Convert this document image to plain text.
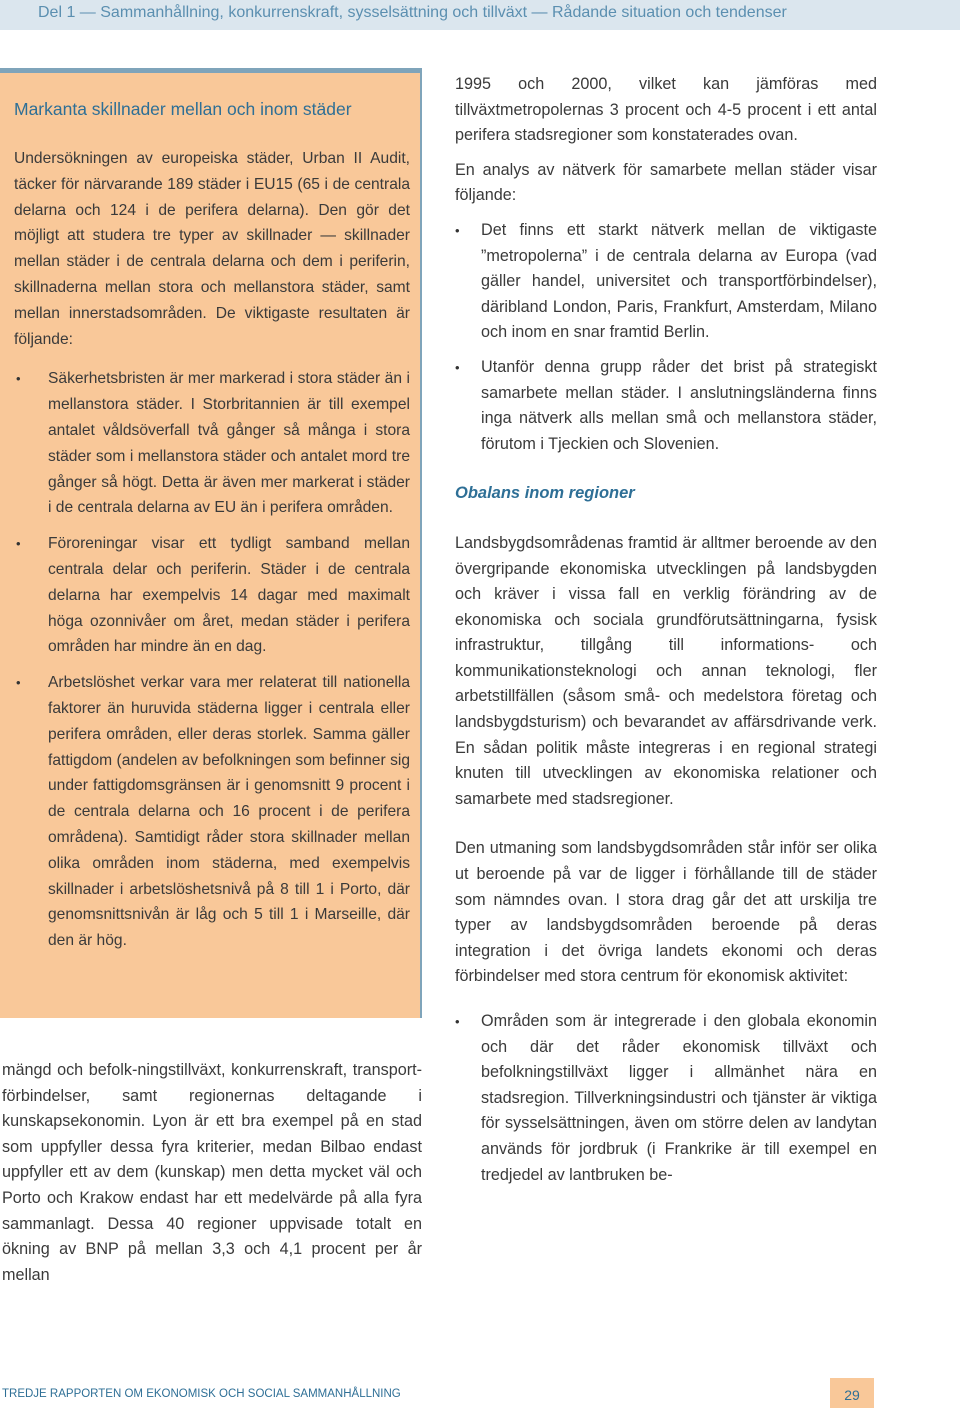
Del 1 — Sammanhållning, konkurrenskraft, sysselsättning och tillväxt — Rådande situation och tendenser
Markanta skillnader mellan och inom städer

Undersökningen av europeiska städer, Urban II Audit, täcker för närvarande 189 städer i EU15 (65 i de centrala delarna och 124 i de perifera delarna). Den gör det möjligt att studera tre typer av skillnader — skillnader mellan städer i de centrala delarna och dem i periferin, skillnaderna mellan stora och mellanstora städer, samt mellan innerstadsområden. De viktigaste resultaten är följande:

• Säkerhetsbristen är mer markerad i stora städer än i mellanstora städer. I Storbritannien är till exempel antalet våldsöverfall två gånger så många i stora städer som i mellanstora städer och antalet mord tre gånger så högt. Detta är även mer markerat i städer i de centrala delarna av EU än i perifera områden.
• Föroreningar visar ett tydligt samband mellan centrala delar och periferin. Städer i de centrala delarna har exempelvis 14 dagar med maximalt höga ozonnivåer om året, medan städer i perifera områden har mindre än en dag.
• Arbetslöshet verkar vara mer relaterat till nationella faktorer än huruvida städerna ligger i centrala eller perifera områden, eller deras storlek. Samma gäller fattigdom (andelen av befolkningen som befinner sig under fattigdomsgränsen är i genomsnitt 9 procent i de centrala delarna och 16 procent i de perifera områdena). Samtidigt råder stora skillnader mellan olika områden inom städerna, med exempelvis skillnader i arbetslöshetsnivå på 8 till 1 i Porto, där genomsnittsnivån är låg och 5 till 1 i Marseille, där den är hög.

mängd och befolk-ningstillväxt, konkurrenskraft, transport-förbindelser, samt regionernas deltagande i kunskapsekonomin. Lyon är ett bra exempel på en stad som uppfyller dessa fyra kriterier, medan Bilbao endast uppfyller ett av dem (kunskap) men detta mycket väl och Porto och Krakow endast har ett medelvärde på alla fyra sammanlagt. Dessa 40 regioner uppvisade totalt en ökning av BNP på mellan 3,3 och 4,1 procent per år mellan

1995 och 2000, vilket kan jämföras med tillväxtmetropolernas 3 procent och 4-5 procent i ett antal perifera stadsregioner som konstaterades ovan.

En analys av nätverk för samarbete mellan städer visar följande:

• Det finns ett starkt nätverk mellan de viktigaste ”metropolerna” i de centrala delarna av Europa (vad gäller handel, universitet och transportförbindelser), däribland London, Paris, Frankfurt, Amsterdam, Milano och inom en snar framtid Berlin.
• Utanför denna grupp råder det brist på strategiskt samarbete mellan städer. I anslutningsländerna finns inga nätverk alls mellan små och mellanstora städer, förutom i Tjeckien och Slovenien.
Obalans inom regioner

Landsbygdsområdenas framtid är alltmer beroende av den övergripande ekonomiska utvecklingen på landsbygden och kräver i vissa fall en verklig förändring av de ekonomiska och sociala grundförutsättningarna, fysisk infrastruktur, tillgång till informations- och kommunikationsteknologi och annan teknologi, fler arbetstillfällen (såsom små- och medelstora företag och landsbygdsturism) och bevarandet av affärsdrivande verk. En sådan politik måste integreras i en regional strategi knuten till utvecklingen av ekonomiska relationer och samarbete med stadsregioner.

Den utmaning som landsbygdsområden står inför ser olika ut beroende på var de ligger i förhållande till de städer som nämndes ovan. I stora drag går det att urskilja tre typer av landsbygdsområden beroende på deras integration i det övriga landets ekonomi och deras förbindelser med stora centrum för ekonomisk aktivitet:

• Områden som är integrerade i den globala ekonomin och där det råder ekonomisk tillväxt och befolkningstillväxt ligger i allmänhet nära en stadsregion. Tillverkningsindustri och tjänster är viktiga för sysselsättningen, även om större delen av landytan används för jordbruk (i Frankrike är till exempel en tredjedel av lantbruken be-
TREDJE RAPPORTEN OM EKONOMISK OCH SOCIAL SAMMANHÅLLNING	29
